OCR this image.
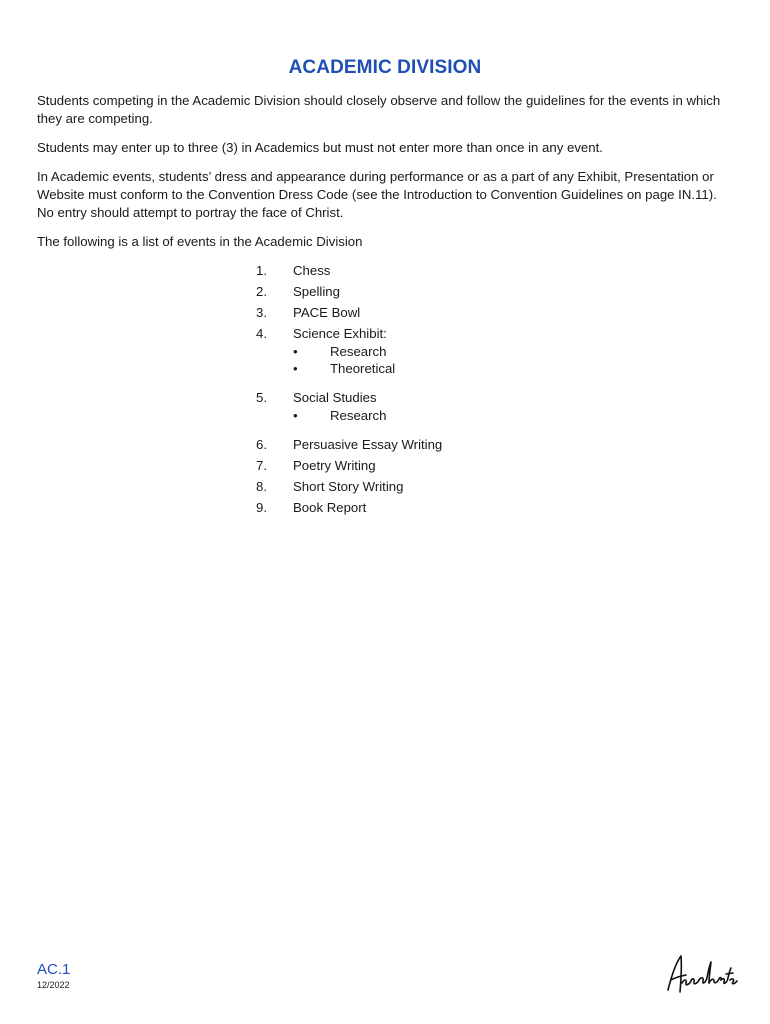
ACADEMIC DIVISION

Students competing in the Academic Division should closely observe and follow the guidelines for the events in which they are competing.

Students may enter up to three (3) in Academics but must not enter more than once in any event.

In Academic events, students’ dress and appearance during performance or as a part of any Exhibit, Presentation or Website must conform to the Convention Dress Code (see the Introduction to Convention Guidelines on page IN.11). No entry should attempt to portray the face of Christ.

The following is a list of events in the Academic Division

1.	Chess
2.	Spelling
3.	PACE Bowl
4.	Science Exhibit:
•	Research
•	Theoretical
5.	Social Studies
•	Research
6.	Persuasive Essay Writing
7.	Poetry Writing
8.	Short Story Writing
9.	Book Report
AC.1
12/2022
